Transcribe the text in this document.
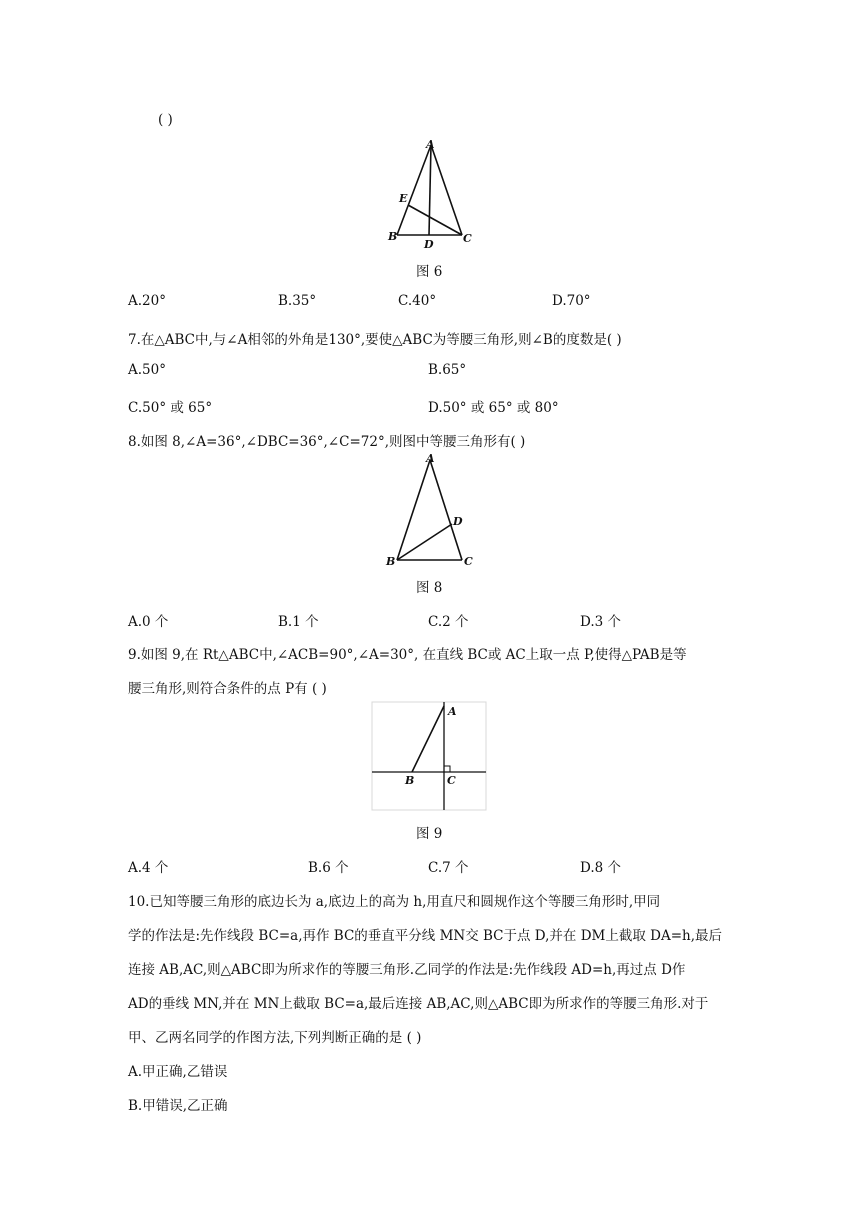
( )
A
E
B
D	C
图 6
A.20°	B.35°	C.40°	D.70°
7.在△ABC中,与∠A相邻的外角是130°,要使△ABC为等腰三角形,则∠B的度数是( )
A.50°	B.65°
C.50° 或 65°	D.50° 或 65° 或 80°
8.如图 8,∠A=36°,∠DBC=36°,∠C=72°,则图中等腰三角形有( )
A
D
B	C
图 8
A.0 个	B.1 个	C.2 个	D.3 个
9.如图 9,在 Rt△ABC中,∠ACB=90°,∠A=30°, 在直线 BC或 AC上取一点 P,使得△PAB是等
腰三角形,则符合条件的点 P有 ( )
A
B	C
图 9
A.4 个	B.6 个	C.7 个	D.8 个
10.已知等腰三角形的底边长为 a,底边上的高为 h,用直尺和圆规作这个等腰三角形时,甲同
学的作法是:先作线段 BC=a,再作 BC的垂直平分线 MN交 BC于点 D,并在 DM上截取 DA=h,最后
连接 AB,AC,则△ABC即为所求作的等腰三角形.乙同学的作法是:先作线段 AD=h,再过点 D作
AD的垂线 MN,并在 MN上截取 BC=a,最后连接 AB,AC,则△ABC即为所求作的等腰三角形.对于
甲、乙两名同学的作图方法,下列判断正确的是 ( )
A.甲正确,乙错误
B.甲错误,乙正确
